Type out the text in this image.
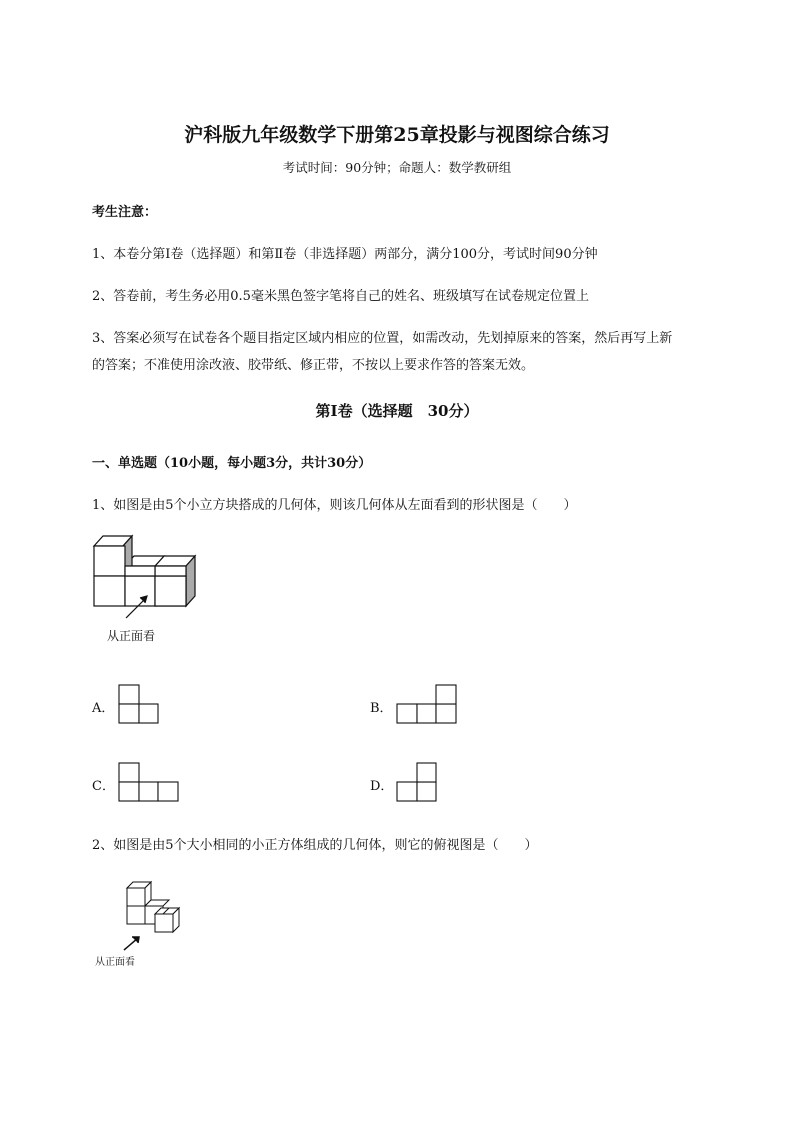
沪科版九年级数学下册第25章投影与视图综合练习
考试时间：90分钟；命题人：数学教研组
考生注意：
1、本卷分第I卷（选择题）和第Ⅱ卷（非选择题）两部分，满分100分，考试时间90分钟
2、答卷前，考生务必用0.5毫米黑色签字笔将自己的姓名、班级填写在试卷规定位置上
3、答案必须写在试卷各个题目指定区域内相应的位置，如需改动，先划掉原来的答案，然后再写上新
的答案；不准使用涂改液、胶带纸、修正带，不按以上要求作答的答案无效。
第I卷（选择题　30分）
一、单选题（10小题，每小题3分，共计30分）
1、如图是由5个小立方块搭成的几何体，则该几何体从左面看到的形状图是（　　）
从正面看
A．	B．
C．	D．
2、如图是由5个大小相同的小正方体组成的几何体，则它的俯视图是（　　）
从正面看
